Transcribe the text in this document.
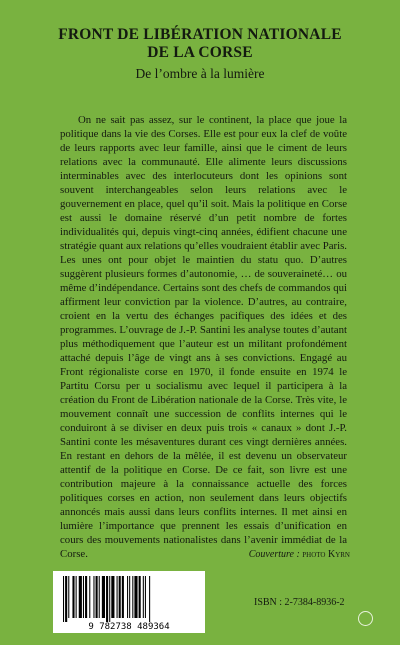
FRONT DE LIBÉRATION NATIONALE
DE LA CORSE
De l’ombre à la lumière

On ne sait pas assez, sur le continent, la place que joue la politique dans la vie des Corses. Elle est pour eux la clef de voûte de leurs rapports avec leur famille, ainsi que le ciment de leurs relations avec la communauté. Elle alimente leurs discussions interminables avec des interlocuteurs dont les opinions sont souvent interchangeables selon leurs relations avec le gouvernement en place, quel qu’il soit. Mais la politique en Corse est aussi le domaine réservé d’un petit nombre de fortes individualités qui, depuis vingt-cinq années, édifient chacune une stratégie quant aux relations qu’elles voudraient établir avec Paris. Les unes ont pour objet le maintien du statu quo. D’autres suggèrent plusieurs formes d’autonomie, … de souveraineté… ou même d’indépendance. Certains sont des chefs de commandos qui affirment leur conviction par la violence. D’autres, au contraire, croient en la vertu des échanges pacifiques des idées et des programmes. L’ouvrage de J.-P. Santini les analyse toutes d’autant plus méthodiquement que l’auteur est un militant profondément attaché depuis l’âge de vingt ans à ses convictions. Engagé au Front régionaliste corse en 1970, il fonde ensuite en 1974 le Partitu Corsu per u socialismu avec lequel il participera à la création du Front de Libération nationale de la Corse. Très vite, le mouvement connaît une succession de conflits internes qui le conduiront à se diviser en deux puis trois « canaux » dont J.-P. Santini conte les mésaventures durant ces vingt dernières années. En restant en dehors de la mêlée, il est devenu un observateur attentif de la politique en Corse. De ce fait, son livre est une contribution majeure à la connaissance actuelle des forces politiques corses en action, non seulement dans leurs objectifs annoncés mais aussi dans leurs conflits internes. Il met ainsi en lumière l’importance que prennent les essais d’unification en cours des mouvements nationalistes dans l’avenir immédiat de la Corse.	Couverture : photo Kyrn
9 782738 489364
ISBN : 2-7384-8936-2
